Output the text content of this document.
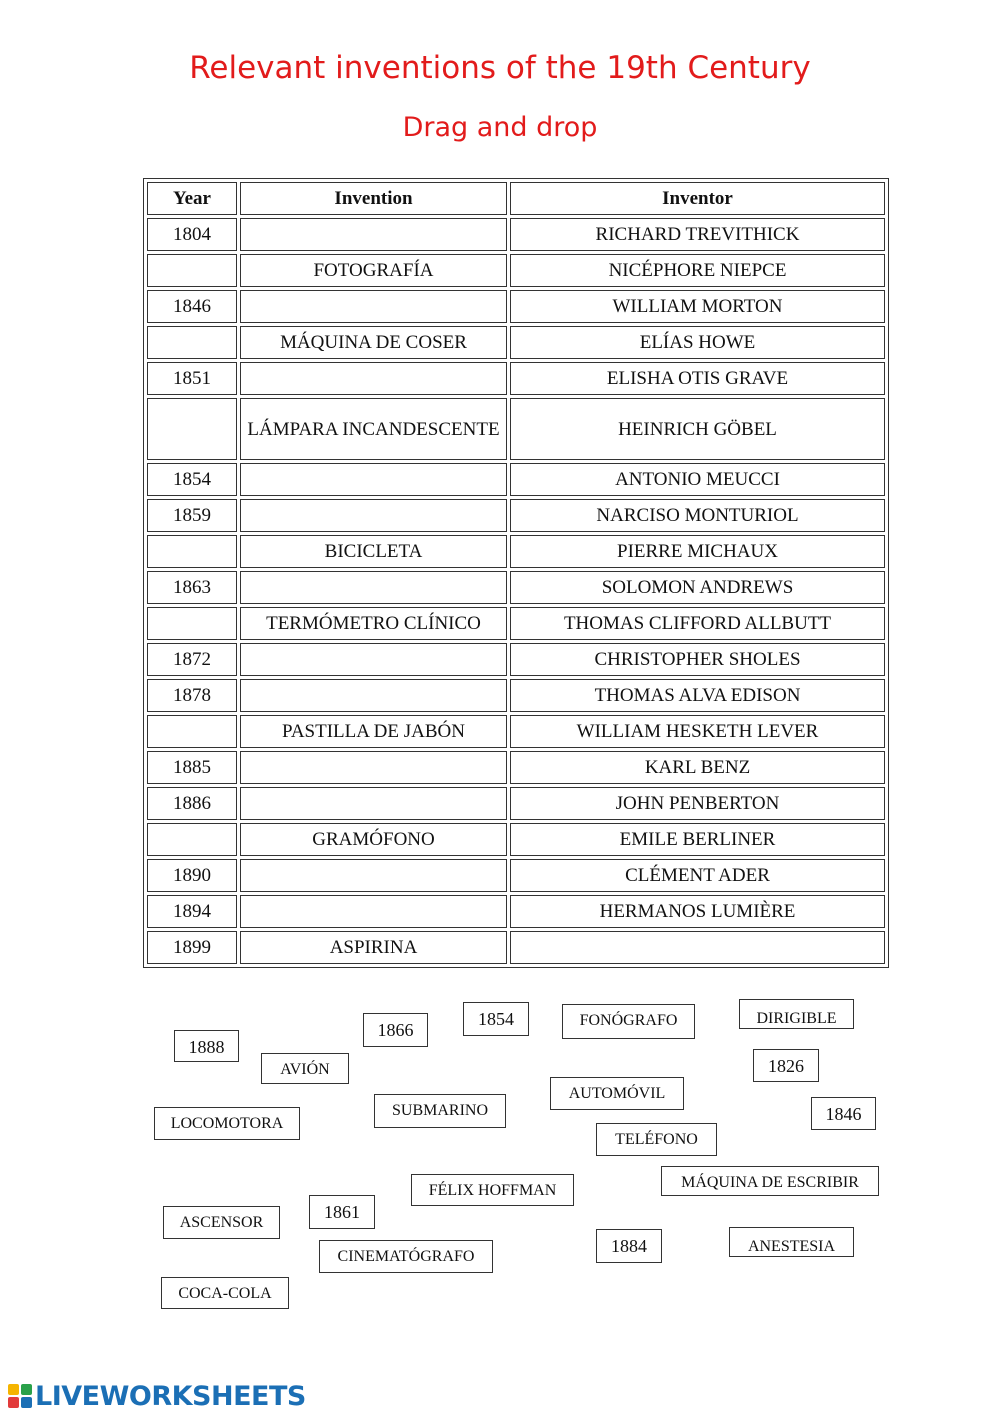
Relevant inventions of the 19th Century
Drag and drop
Year	Invention	Inventor
1804		RICHARD TREVITHICK
	FOTOGRAFÍA	NICÉPHORE NIEPCE
1846		WILLIAM MORTON
	MÁQUINA DE COSER	ELÍAS HOWE
1851		ELISHA OTIS GRAVE
	LÁMPARA INCANDESCENTE	HEINRICH GÖBEL
1854		ANTONIO MEUCCI
1859		NARCISO MONTURIOL
	BICICLETA	PIERRE MICHAUX
1863		SOLOMON ANDREWS
	TERMÓMETRO CLÍNICO	THOMAS CLIFFORD ALLBUTT
1872		CHRISTOPHER SHOLES
1878		THOMAS ALVA EDISON
	PASTILLA DE JABÓN	WILLIAM HESKETH LEVER
1885		KARL BENZ
1886		JOHN PENBERTON
	GRAMÓFONO	EMILE BERLINER
1890		CLÉMENT ADER
1894		HERMANOS LUMIÈRE
1899	ASPIRINA	
FONÓGRAFO	DIRIGIBLE
1854
1866
1888
AVIÓN	1826
AUTOMÓVIL
SUBMARINO
LOCOMOTORA	1846
TELÉFONO
MÁQUINA DE ESCRIBIR
FÉLIX HOFFMAN
ASCENSOR
1861
CINEMATÓGRAFO
1884	ANESTESIA
COCA-COLA
LIVEWORKSHEETS
